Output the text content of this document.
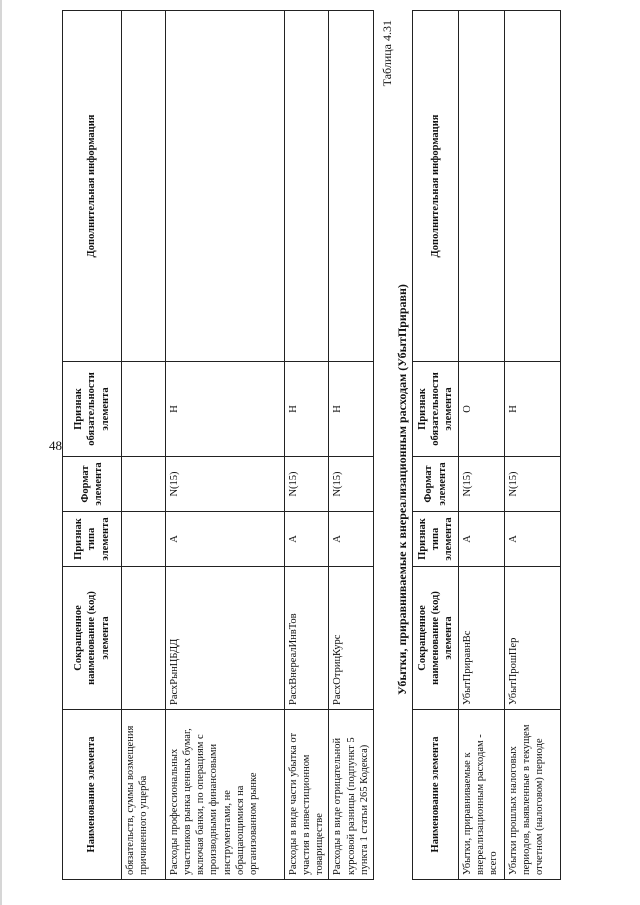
48
Наименование элемента	Сокращенное наименование (код) элемента	Признак типа элемента	Формат элемента	Признак обязательности элемента	Дополнительная информация
обязательств, суммы возмещения причиненного ущерба					
Расходы профессиональных участников рынка ценных бумаг, включая банки, по операциям с производными финансовыми инструментами, не обращающимися на организованном рынке	РасхРынЦБДД	А	N(15)	Н	
Расходы в виде части убытка от участия в инвестиционном товариществе	РасхВнереалИнвТов	А	N(15)	Н	
Расходы в виде отрицательной курсовой разницы (подпункт 5 пункта 1 статьи 265 Кодекса)	РасхОтрицКурс	А	N(15)	Н	
Таблица 4.31
Убытки, приравниваемые к внереализационным расходам (УбытПриравн)
Наименование элемента	Сокращенное наименование (код) элемента	Признак типа элемента	Формат элемента	Признак обязательности элемента	Дополнительная информация
Убытки, приравниваемые к внереализационным расходам - всего	УбытПриравнВс	А	N(15)	О	
Убытки прошлых налоговых периодов, выявленные в текущем отчетном (налоговом) периоде	УбытПрошПер	А	N(15)	Н	
